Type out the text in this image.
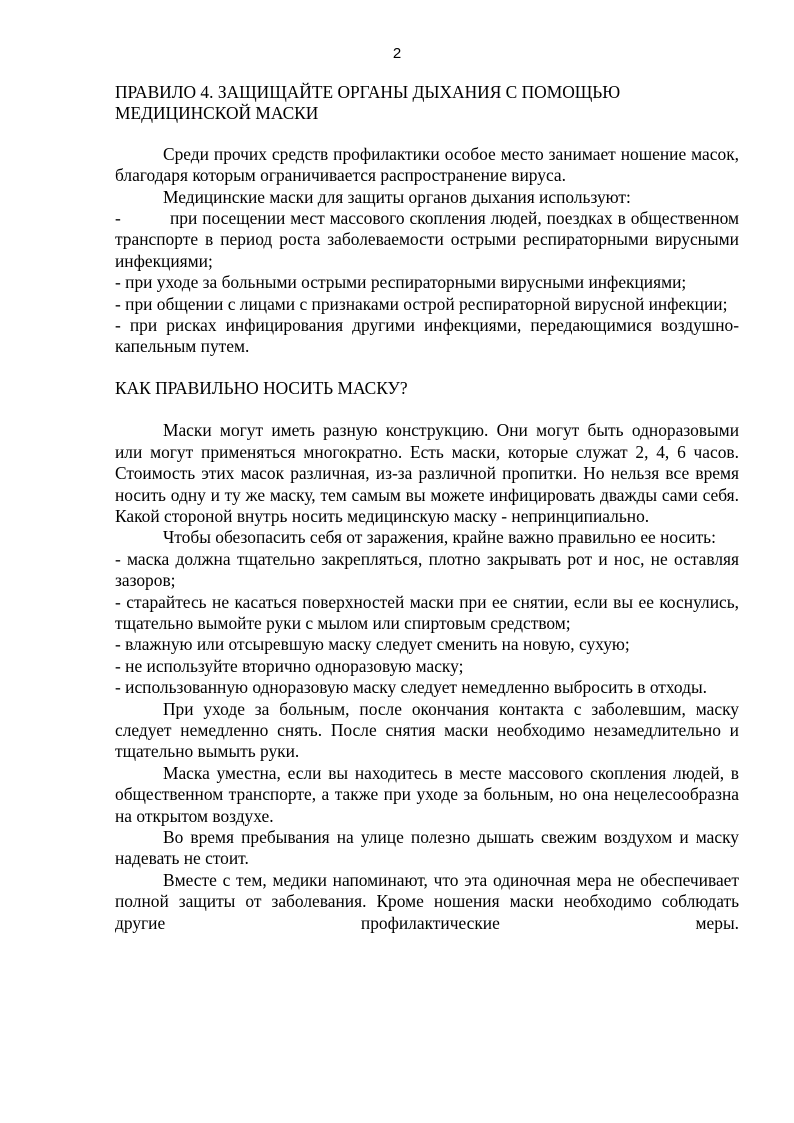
2
ПРАВИЛО 4. ЗАЩИЩАЙТЕ ОРГАНЫ ДЫХАНИЯ С ПОМОЩЬЮ МЕДИЦИНСКОЙ МАСКИ

Среди прочих средств профилактики особое место занимает ношение масок, благодаря которым ограничивается распространение вируса.

Медицинские маски для защиты органов дыхания используют:

-          при посещении мест массового скопления людей, поездках в общественном транспорте в период роста заболеваемости острыми респираторными вирусными инфекциями;

- при уходе за больными острыми респираторными вирусными инфекциями;

- при общении с лицами с признаками острой респираторной вирусной инфекции;

- при рисках инфицирования другими инфекциями, передающимися воздушно-капельным путем.

КАК ПРАВИЛЬНО НОСИТЬ МАСКУ?

Маски могут иметь разную конструкцию. Они могут быть одноразовыми или могут применяться многократно. Есть маски, которые служат 2, 4, 6 часов. Стоимость этих масок различная, из-за различной пропитки. Но нельзя все время носить одну и ту же маску, тем самым вы можете инфицировать дважды сами себя. Какой стороной внутрь носить медицинскую маску - непринципиально.

Чтобы обезопасить себя от заражения, крайне важно правильно ее носить:

- маска должна тщательно закрепляться, плотно закрывать рот и нос, не оставляя зазоров;

- старайтесь не касаться поверхностей маски при ее снятии, если вы ее коснулись, тщательно вымойте руки с мылом или спиртовым средством;

- влажную или отсыревшую маску следует сменить на новую, сухую;

- не используйте вторично одноразовую маску;

- использованную одноразовую маску следует немедленно выбросить в отходы.

При уходе за больным, после окончания контакта с заболевшим, маску следует немедленно снять. После снятия маски необходимо незамедлительно и тщательно вымыть руки.

Маска уместна, если вы находитесь в месте массового скопления людей, в общественном транспорте, а также при уходе за больным, но она нецелесообразна на открытом воздухе.

Во время пребывания на улице полезно дышать свежим воздухом и маску надевать не стоит.

Вместе с тем, медики напоминают, что эта одиночная мера не обеспечивает полной защиты от заболевания. Кроме ношения маски необходимо соблюдать другие профилактические меры.
